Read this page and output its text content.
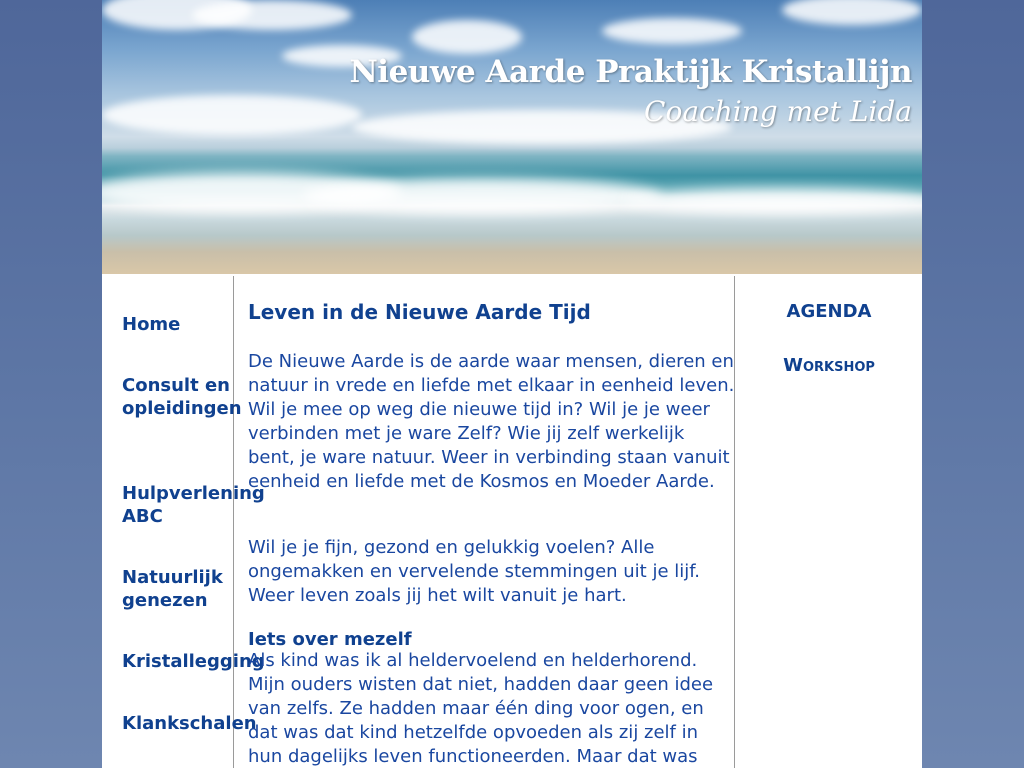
Nieuwe Aarde Praktijk Kristallijn
Coaching met Lida
Home
Consult en opleidingen
Hulpverlening ABC
Natuurlijk genezen
Kristallegging
Klankschalen
Leven in de Nieuwe Aarde Tijd

De Nieuwe Aarde is de aarde waar mensen, dieren en natuur in vrede en liefde met elkaar in eenheid leven. Wil je mee op weg die nieuwe tijd in? Wil je je weer verbinden met je ware Zelf? Wie jij zelf werkelijk bent, je ware natuur. Weer in verbinding staan vanuit eenheid en liefde met de Kosmos en Moeder Aarde.

Wil je je fijn, gezond en gelukkig voelen? Alle ongemakken en vervelende stemmingen uit je lijf. Weer leven zoals jij het wilt vanuit je hart.

Iets over mezelf

Als kind was ik al heldervoelend en helderhorend. Mijn ouders wisten dat niet, hadden daar geen idee van zelfs. Ze hadden maar één ding voor ogen, en dat was dat kind hetzelfde opvoeden als zij zelf in hun dagelijks leven functioneerden. Maar dat was

AGENDA
Workshop
